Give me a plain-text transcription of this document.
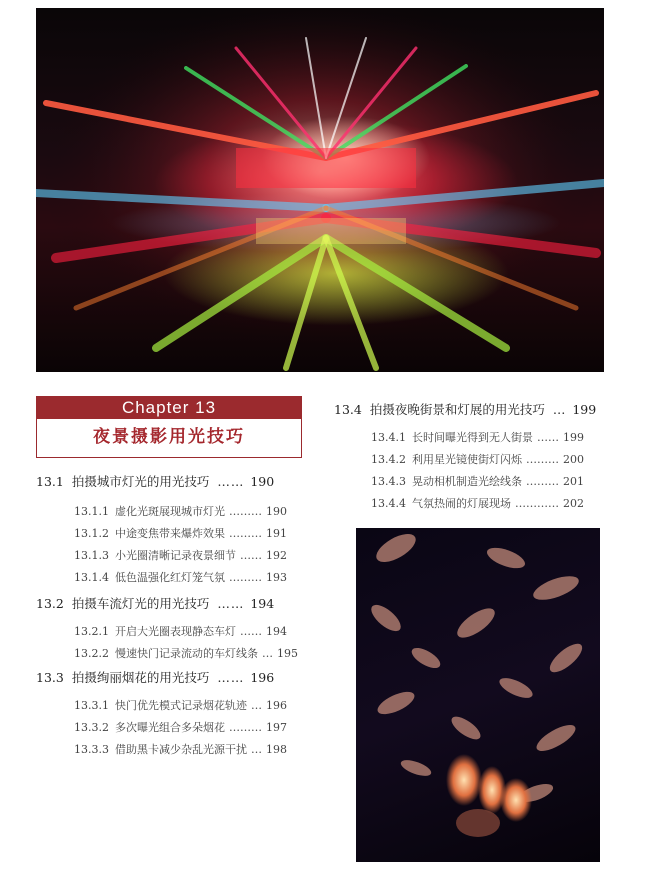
Chapter 13
夜景摄影用光技巧
13.1 拍摄城市灯光的用光技巧 …… 190
13.1.1 虚化光斑展现城市灯光 ……… 190
13.1.2 中途变焦带来爆炸效果 ……… 191
13.1.3 小光圈清晰记录夜景细节 …… 192
13.1.4 低色温强化红灯笼气氛 ……… 193
13.2 拍摄车流灯光的用光技巧 …… 194
13.2.1 开启大光圈表现静态车灯 …… 194
13.2.2 慢速快门记录流动的车灯线条 … 195
13.3 拍摄绚丽烟花的用光技巧 …… 196
13.3.1 快门优先模式记录烟花轨迹 … 196
13.3.2 多次曝光组合多朵烟花 ……… 197
13.3.3 借助黑卡减少杂乱光源干扰 … 198
13.4 拍摄夜晚街景和灯展的用光技巧 … 199
13.4.1 长时间曝光得到无人街景 …… 199
13.4.2 利用星光镜使街灯闪烁 ……… 200
13.4.3 晃动相机制造光绘线条 ……… 201
13.4.4 气氛热闹的灯展现场 ………… 202
